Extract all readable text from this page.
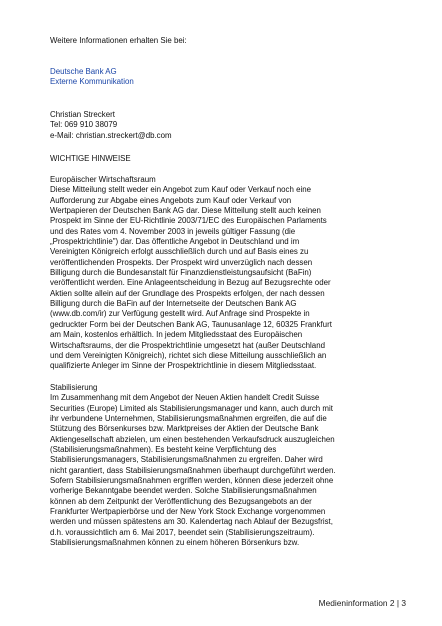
Weitere Informationen erhalten Sie bei:

Deutsche Bank AG

Externe Kommunikation

Christian Streckert

Tel: 069 910 38079

e-Mail: christian.streckert@db.com

WICHTIGE HINWEISE

Europäischer Wirtschaftsraum

Diese Mitteilung stellt weder ein Angebot zum Kauf oder Verkauf noch eine

Aufforderung zur Abgabe eines Angebots zum Kauf oder Verkauf von

Wertpapieren der Deutschen Bank AG dar. Diese Mitteilung stellt auch keinen

Prospekt im Sinne der EU-Richtlinie 2003/71/EC des Europäischen Parlaments

und des Rates vom 4. November 2003 in jeweils gültiger Fassung (die

„Prospektrichtlinie") dar. Das öffentliche Angebot in Deutschland und im

Vereinigten Königreich erfolgt ausschließlich durch und auf Basis eines zu

veröffentlichenden Prospekts. Der Prospekt wird unverzüglich nach dessen

Billigung durch die Bundesanstalt für Finanzdienstleistungsaufsicht (BaFin)

veröffentlicht werden. Eine Anlageentscheidung in Bezug auf Bezugsrechte oder

Aktien sollte allein auf der Grundlage des Prospekts erfolgen, der nach dessen

Billigung durch die BaFin auf der Internetseite der Deutschen Bank AG

(www.db.com/ir) zur Verfügung gestellt wird. Auf Anfrage sind Prospekte in

gedruckter Form bei der Deutschen Bank AG, Taunusanlage 12, 60325 Frankfurt

am Main, kostenlos erhältlich. In jedem Mitgliedsstaat des Europäischen

Wirtschaftsraums, der die Prospektrichtlinie umgesetzt hat (außer Deutschland

und dem Vereinigten Königreich), richtet sich diese Mitteilung ausschließlich an

qualifizierte Anleger im Sinne der Prospektrichtlinie in diesem Mitgliedsstaat.

Stabilisierung

Im Zusammenhang mit dem Angebot der Neuen Aktien handelt Credit Suisse

Securities (Europe) Limited als Stabilisierungsmanager und kann, auch durch mit

ihr verbundene Unternehmen, Stabilisierungsmaßnahmen ergreifen, die auf die

Stützung des Börsenkurses bzw. Marktpreises der Aktien der Deutsche Bank

Aktiengesellschaft abzielen, um einen bestehenden Verkaufsdruck auszugleichen

(Stabilisierungsmaßnahmen). Es besteht keine Verpflichtung des

Stabilisierungsmanagers, Stabilisierungsmaßnahmen zu ergreifen. Daher wird

nicht garantiert, dass Stabilisierungsmaßnahmen überhaupt durchgeführt werden.

Sofern Stabilisierungsmaßnahmen ergriffen werden, können diese jederzeit ohne

vorherige Bekanntgabe beendet werden. Solche Stabilisierungsmaßnahmen

können ab dem Zeitpunkt der Veröffentlichung des Bezugsangebots an der

Frankfurter Wertpapierbörse und der New York Stock Exchange vorgenommen

werden und müssen spätestens am 30. Kalendertag nach Ablauf der Bezugsfrist,

d.h. voraussichtlich am 6. Mai 2017, beendet sein (Stabilisierungszeitraum).

Stabilisierungsmaßnahmen können zu einem höheren Börsenkurs bzw.

Medieninformation 2 | 3
